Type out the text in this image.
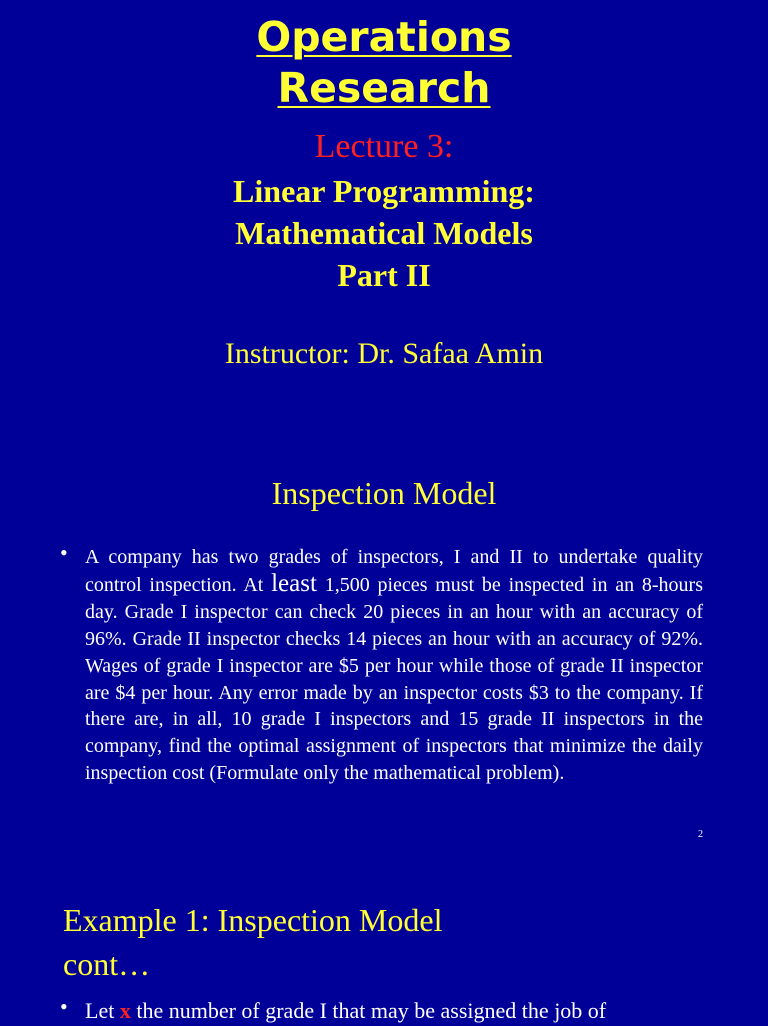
Operations
Research
Lecture 3:
Linear Programming:
Mathematical Models
Part II
Instructor: Dr. Safaa Amin
Inspection Model
• A company has two grades of inspectors, I and II to undertake quality control inspection. At least 1,500 pieces must be inspected in an 8-hours day. Grade I inspector can check 20 pieces in an hour with an accuracy of 96%. Grade II inspector checks 14 pieces an hour with an accuracy of 92%. Wages of grade I inspector are $5 per hour while those of grade II inspector are $4 per hour. Any error made by an inspector costs $3 to the company. If there are, in all, 10 grade I inspectors and 15 grade II inspectors in the company, find the optimal assignment of inspectors that minimize the daily inspection cost (Formulate only the mathematical problem).
2
Example 1: Inspection Model
cont…
• Let x the number of grade I that may be assigned the job of
